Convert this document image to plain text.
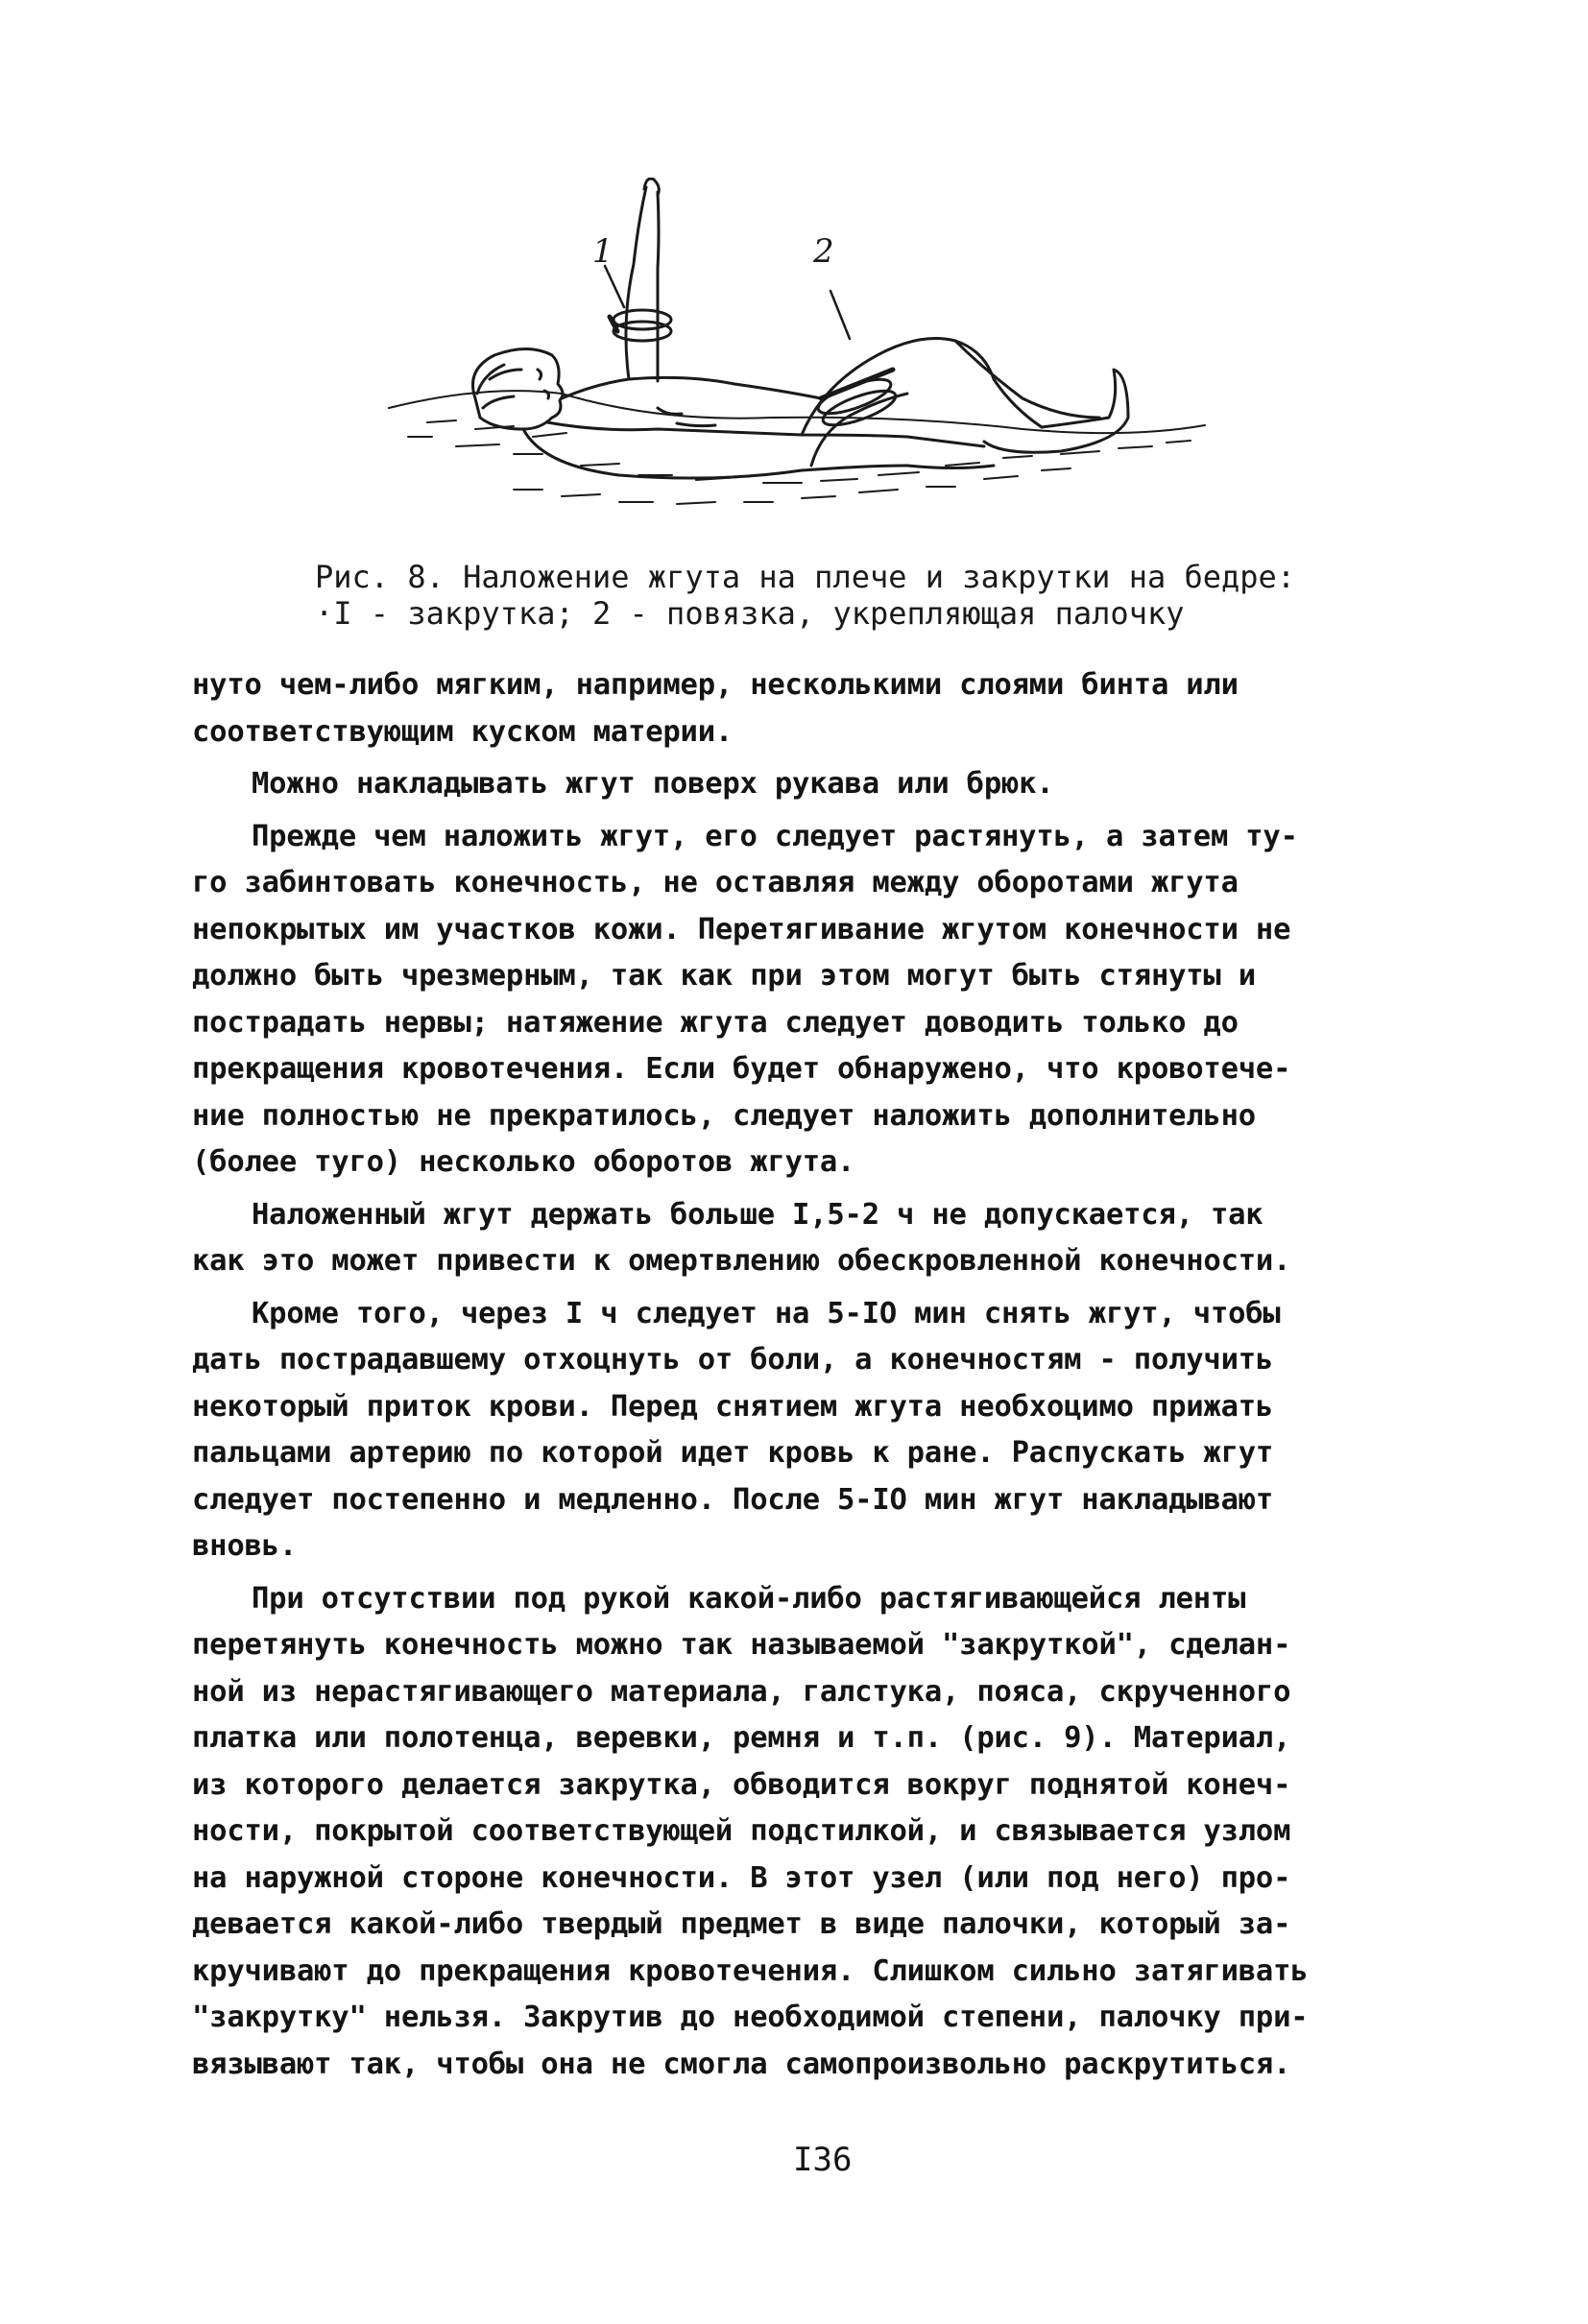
1	2
Рис. 8. Наложение жгута на плече и закрутки на бедре:
·I - закрутка; 2 - повязка, укрепляющая палочку

нуто чем-либо мягким, например, несколькими слоями бинта или
соответствующим куском материи.

Можно накладывать жгут поверх рукава или брюк.

Прежде чем наложить жгут, его следует растянуть, а затем ту-
го забинтовать конечность, не оставляя между оборотами жгута
непокрытых им участков кожи. Перетягивание жгутом конечности не
должно быть чрезмерным, так как при этом могут быть стянуты и
пострадать нервы; натяжение жгута следует доводить только до
прекращения кровотечения. Если будет обнаружено, что кровотече-
ние полностью не прекратилось, следует наложить дополнительно
(более туго) несколько оборотов жгута.

Наложенный жгут держать больше I,5-2 ч не допускается, так
как это может привести к омертвлению обескровленной конечности.

Кроме того, через I ч следует на 5-IO мин снять жгут, чтобы
дать пострадавшему отхоцнуть от боли, а конечностям - получить
некоторый приток крови. Перед снятием жгута необхоцимо прижать
пальцами артерию по которой идет кровь к ране. Распускать жгут
следует постепенно и медленно. После 5-IO мин жгут накладывают
вновь.

При отсутствии под рукой какой-либо растягивающейся ленты
перетянуть конечность можно так называемой "закруткой", сделан-
ной из нерастягивающего материала, галстука, пояса, скрученного
платка или полотенца, веревки, ремня и т.п. (рис. 9). Материал,
из которого делается закрутка, обводится вокруг поднятой конеч-
ности, покрытой соответствующей подстилкой, и связывается узлом
на наружной стороне конечности. В этот узел (или под него) про-
девается какой-либо твердый предмет в виде палочки, который за-
кручивают до прекращения кровотечения. Слишком сильно затягивать
"закрутку" нельзя. Закрутив до необходимой степени, палочку при-
вязывают так, чтобы она не смогла самопроизвольно раскрутиться.

I36
